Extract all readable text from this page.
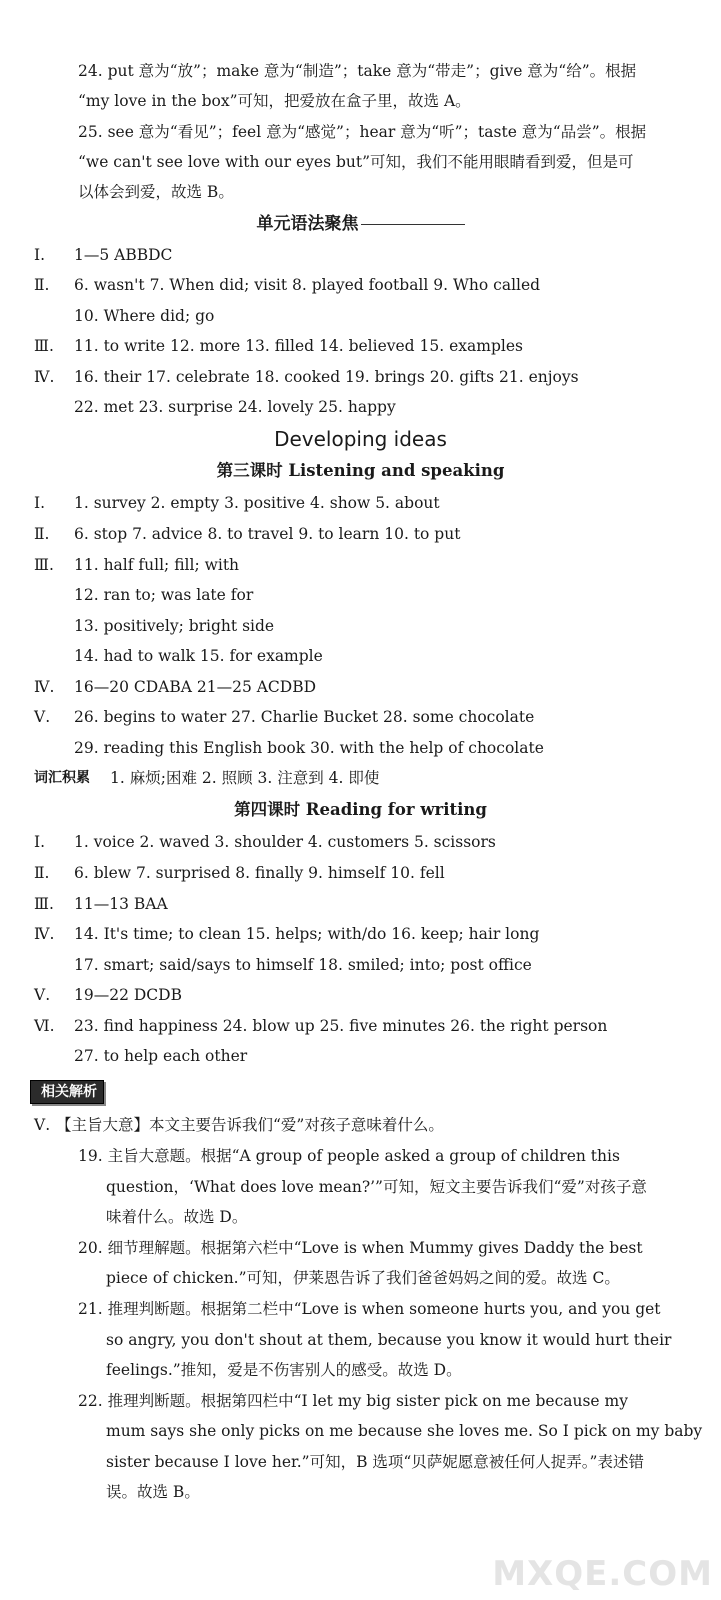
24. put 意为“放”；make 意为“制造”；take 意为“带走”；give 意为“给”。根据
“my love in the box”可知，把爱放在盒子里，故选 A。
25. see 意为“看见”；feel 意为“感觉”；hear 意为“听”；taste 意为“品尝”。根据
“we can't see love with our eyes but”可知，我们不能用眼睛看到爱，但是可
以体会到爱，故选 B。
单元语法聚焦
Ⅰ. 1—5 ABBDC
Ⅱ. 6. wasn't 7. When did; visit 8. played football 9. Who called
10. Where did; go
Ⅲ. 11. to write 12. more 13. filled 14. believed 15. examples
Ⅳ. 16. their 17. celebrate 18. cooked 19. brings 20. gifts 21. enjoys
22. met 23. surprise 24. lovely 25. happy
Developing ideas
第三课时 Listening and speaking
Ⅰ. 1. survey 2. empty 3. positive 4. show 5. about
Ⅱ. 6. stop 7. advice 8. to travel 9. to learn 10. to put
Ⅲ. 11. half full; fill; with
12. ran to; was late for
13. positively; bright side
14. had to walk 15. for example
Ⅳ. 16—20 CDABA 21—25 ACDBD
Ⅴ. 26. begins to water 27. Charlie Bucket 28. some chocolate
29. reading this English book 30. with the help of chocolate
词汇积累 1. 麻烦;困难 2. 照顾 3. 注意到 4. 即使
第四课时 Reading for writing
Ⅰ. 1. voice 2. waved 3. shoulder 4. customers 5. scissors
Ⅱ. 6. blew 7. surprised 8. finally 9. himself 10. fell
Ⅲ. 11—13 BAA
Ⅳ. 14. It's time; to clean 15. helps; with/do 16. keep; hair long
17. smart; said/says to himself 18. smiled; into; post office
Ⅴ. 19—22 DCDB
Ⅵ. 23. find happiness 24. blow up 25. five minutes 26. the right person
27. to help each other
相关解析
Ⅴ. 【主旨大意】本文主要告诉我们“爱”对孩子意味着什么。
19. 主旨大意题。根据“A group of people asked a group of children this
question，‘What does love mean?’”可知，短文主要告诉我们“爱”对孩子意
味着什么。故选 D。
20. 细节理解题。根据第六栏中“Love is when Mummy gives Daddy the best
piece of chicken.”可知，伊莱恩告诉了我们爸爸妈妈之间的爱。故选 C。
21. 推理判断题。根据第二栏中“Love is when someone hurts you, and you get
so angry, you don't shout at them, because you know it would hurt their
feelings.”推知，爱是不伤害别人的感受。故选 D。
22. 推理判断题。根据第四栏中“I let my big sister pick on me because my
mum says she only picks on me because she loves me. So I pick on my baby
sister because I love her.”可知，B 选项“贝萨妮愿意被任何人捉弄。”表述错
误。故选 B。
MXQE.COM
